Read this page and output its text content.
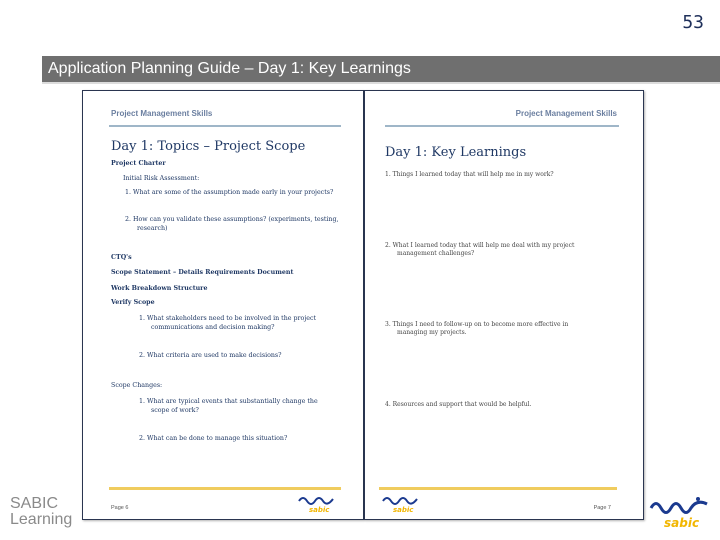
53
Application Planning Guide – Day 1: Key Learnings
Project Management Skills
Day 1: Topics – Project Scope
Project Charter
Initial Risk Assessment:
1. What are some of the assumption made early in your projects?
2. How can you validate these assumptions? (experiments, testing,
research)
CTQ's
Scope Statement – Details Requirements Document
Work Breakdown Structure
Verify Scope
1. What stakeholders need to be involved in the project
communications and decision making?
2. What criteria are used to make decisions?
Scope Changes:
1. What are typical events that substantially change the
scope of work?
2. What can be done to manage this situation?
sabic
Page 6
Project Management Skills
Day 1: Key Learnings
1. Things I learned today that will help me in my work?
2. What I learned today that will help me deal with my project
management challenges?
3. Things I need to follow-up on to become more effective in
managing my projects.
4. Resources and support that would be helpful.
sabic	Page 7
SABIC
Learning	sabic
